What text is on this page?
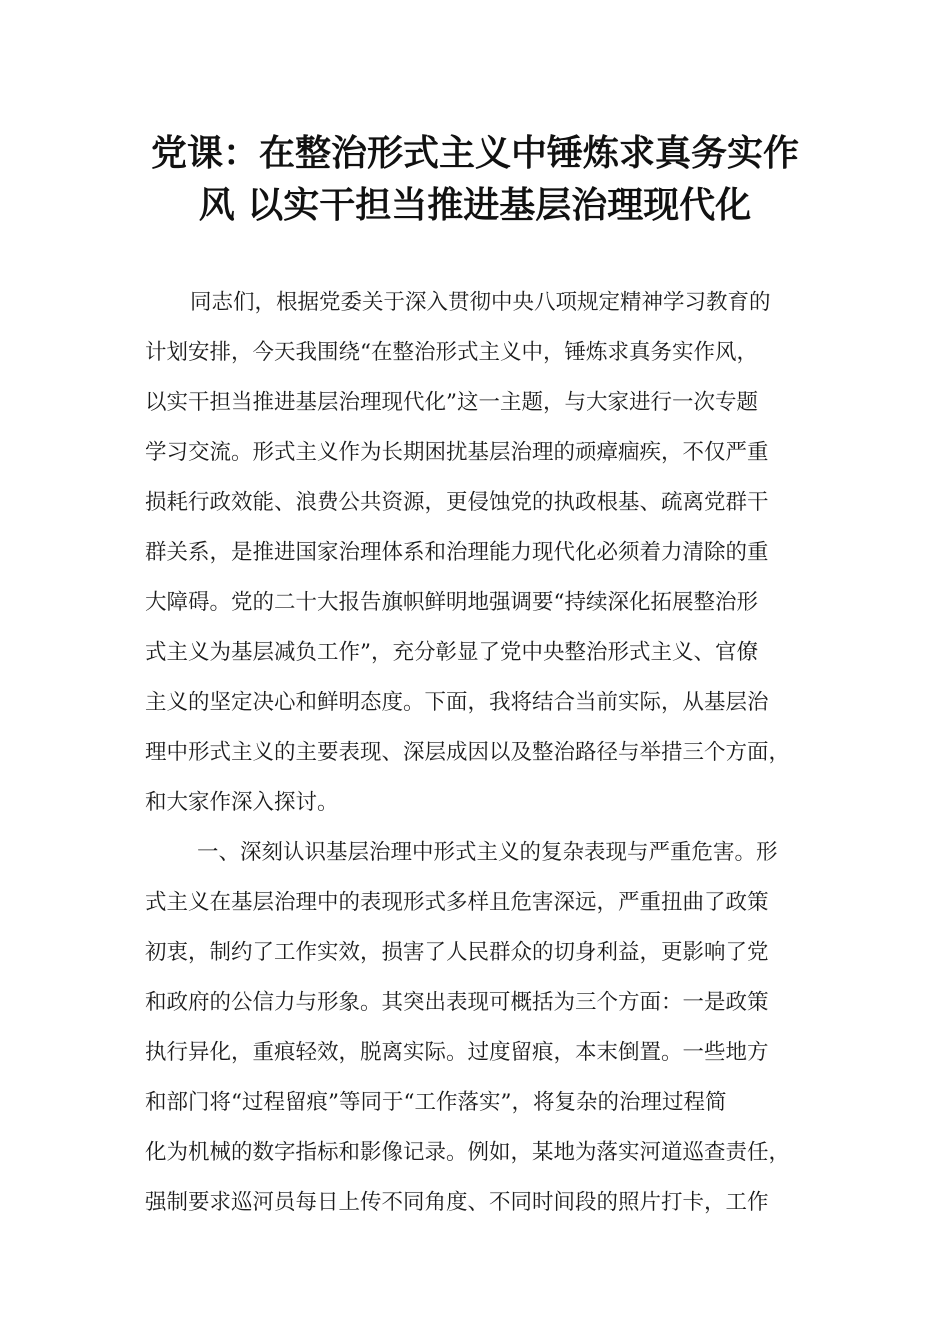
党课：在整治形式主义中锤炼求真务实作
风 以实干担当推进基层治理现代化
同志们，根据党委关于深入贯彻中央八项规定精神学习教育的
计划安排，今天我围绕“在整治形式主义中，锤炼求真务实作风，
以实干担当推进基层治理现代化”这一主题，与大家进行一次专题
学习交流。形式主义作为长期困扰基层治理的顽瘴痼疾，不仅严重
损耗行政效能、浪费公共资源，更侵蚀党的执政根基、疏离党群干
群关系，是推进国家治理体系和治理能力现代化必须着力清除的重
大障碍。党的二十大报告旗帜鲜明地强调要“持续深化拓展整治形
式主义为基层减负工作”，充分彰显了党中央整治形式主义、官僚
主义的坚定决心和鲜明态度。下面，我将结合当前实际，从基层治
理中形式主义的主要表现、深层成因以及整治路径与举措三个方面，
和大家作深入探讨。
一、深刻认识基层治理中形式主义的复杂表现与严重危害。形
式主义在基层治理中的表现形式多样且危害深远，严重扭曲了政策
初衷，制约了工作实效，损害了人民群众的切身利益，更影响了党
和政府的公信力与形象。其突出表现可概括为三个方面：一是政策
执行异化，重痕轻效，脱离实际。过度留痕，本末倒置。一些地方
和部门将“过程留痕”等同于“工作落实”，将复杂的治理过程简
化为机械的数字指标和影像记录。例如，某地为落实河道巡查责任，
强制要求巡河员每日上传不同角度、不同时间段的照片打卡，工作
